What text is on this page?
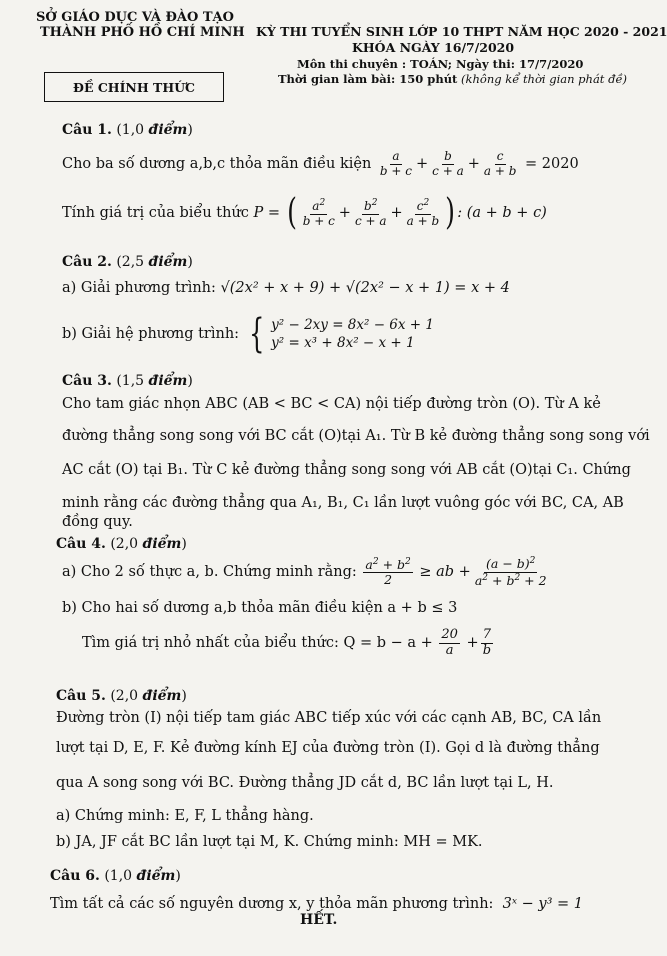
SỞ GIÁO DỤC VÀ ĐÀO TẠO
THÀNH PHỐ HỒ CHÍ MINH KỲ THI TUYỂN SINH LỚP 10 THPT NĂM HỌC 2020 - 2021
KHÓA NGÀY 16/7/2020
Môn thi chuyên : TOÁN; Ngày thi: 17/7/2020
Thời gian làm bài: 150 phút (không kể thời gian phát đề)
ĐỀ CHÍNH THỨC
Câu 1. (1,0 điểm)
Cho ba số dương a,b,c thỏa mãn điều kiện
$\frac{a}{b + c} + \frac{b}{c + a} + \frac{c}{a + b}$
= 2020
Tính giá trị của biểu thức
P = ( $\frac{a^2}{b + c} + \frac{b^2}{c + a} + \frac{c^2}{a + b}$ ) : (a + b + c)
Câu 2. (2,5 điểm)
a) Giải phương trình: √(2x² + x + 9) + √(2x² − x + 1) = x + 4
b) Giải hệ phương trình:
{ y² − 2xy = 8x² − 6x + 1
y² = x³ + 8x² − x + 1
Câu 3. (1,5 điểm)
Cho tam giác nhọn ABC (AB < BC < CA) nội tiếp đường tròn (O). Từ A kẻ
đường thẳng song song với BC cắt (O)tại A₁. Từ B kẻ đường thẳng song song với
AC cắt (O) tại B₁. Từ C kẻ đường thẳng song song với AB cắt (O)tại C₁. Chứng
minh rằng các đường thẳng qua A₁, B₁, C₁ lần lượt vuông góc với BC, CA, AB
đồng quy.
Câu 4. (2,0 điểm)
a) Cho 2 số thực a, b. Chứng minh rằng:
$\frac{a^2 + b^2}{2}$ ≥ ab + $\frac{(a - b)^2}{a^2 + b^2 + 2}$
b) Cho hai số dương a,b thỏa mãn điều kiện a + b ≤ 3
Tìm giá trị nhỏ nhất của biểu thức: Q = b − a +
$\frac{20}{a} + \frac{7}{b}$
Câu 5. (2,0 điểm)
Đường tròn (I) nội tiếp tam giác ABC tiếp xúc với các cạnh AB, BC, CA lần
lượt tại D, E, F. Kẻ đường kính EJ của đường tròn (I). Gọi d là đường thẳng
qua A song song với BC. Đường thẳng JD cắt d, BC lần lượt tại L, H.
a) Chứng minh: E, F, L thẳng hàng.
b) JA, JF cắt BC lần lượt tại M, K. Chứng minh: MH = MK.
Câu 6. (1,0 điểm)
Tìm tất cả các số nguyên dương x, y thỏa mãn phương trình: 3ˣ − y³ = 1
HẾT.
